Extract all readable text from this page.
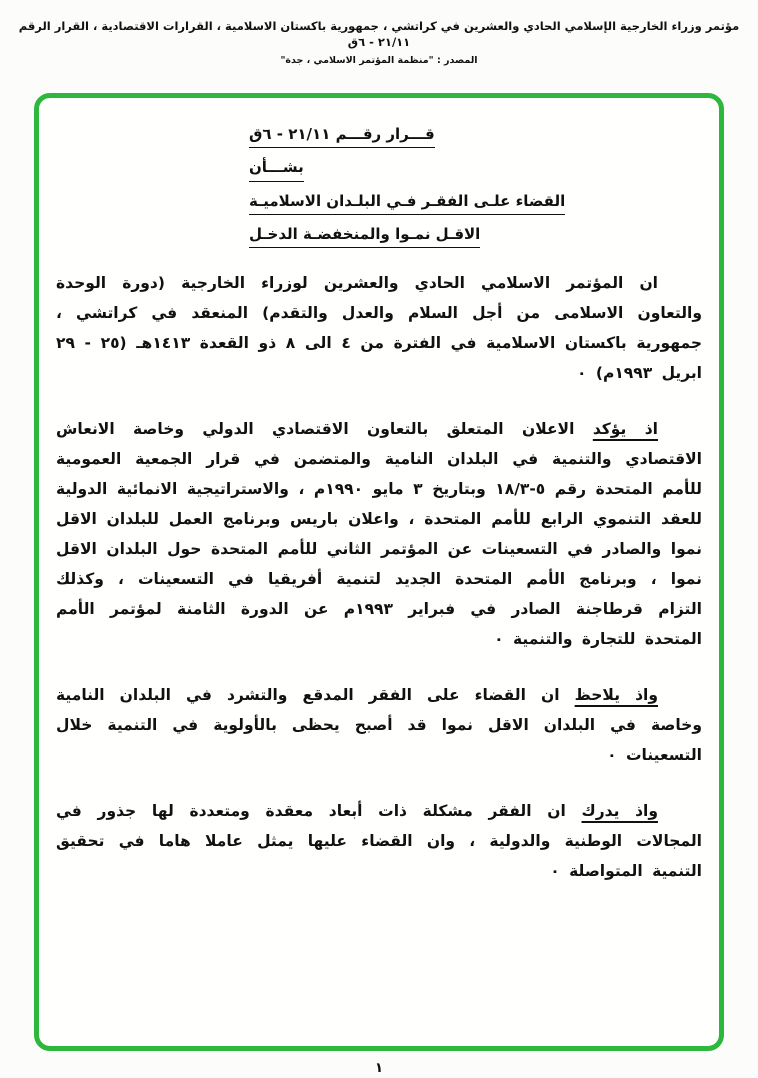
مؤتمر وزراء الخارجية الإسلامي الحادي والعشرين في كراتشي ، جمهورية باكستان الاسلامية ، القرارات الاقتصادية ، القرار الرقم ٢١/١١ - ٦ق
المصدر : "منظمة المؤتمر الاسلامي ، جدة"
قـــرار رقـــم ٢١/١١ - ٦ق
بشـــأن
القضاء علـى الفقـر فـي البلـدان الاسلاميـة
الاقـل نمـوا والمنخفضـة الدخـل

ان المؤتمر الاسلامي الحادي والعشرين لوزراء الخارجية (دورة الوحدة والتعاون الاسلامى من أجل السلام والعدل والتقدم) المنعقد في كراتشي ، جمهورية باكستان الاسلامية في الفترة من ٤ الى ٨ ذو القعدة ١٤١٣هـ (٢٥ - ٢٩ ابريل ١٩٩٣م) ٠

اذ يؤكد الاعلان المتعلق بالتعاون الاقتصادي الدولي وخاصة الانعاش الاقتصادي والتنمية في البلدان النامية والمتضمن في قرار الجمعية العمومية للأمم المتحدة رقم ٥-١٨/٣ وبتاريخ ٣ مايو ١٩٩٠م ، والاستراتيجية الانمائية الدولية للعقد التنموي الرابع للأمم المتحدة ، واعلان باريس وبرنامج العمل للبلدان الاقل نموا والصادر في التسعينات عن المؤتمر الثاني للأمم المتحدة حول البلدان الاقل نموا ، وبرنامج الأمم المتحدة الجديد لتنمية أفريقيا في التسعينات ، وكذلك التزام قرطاجنة الصادر في فبراير ١٩٩٣م عن الدورة الثامنة لمؤتمر الأمم المتحدة للتجارة والتنمية ٠

واذ يلاحظ ان القضاء على الفقر المدقع والتشرد في البلدان النامية وخاصة في البلدان الاقل نموا قد أصبح يحظى بالأولوية في التنمية خلال التسعينات ٠

واذ يدرك ان الفقر مشكلة ذات أبعاد معقدة ومتعددة لها جذور في المجالات الوطنية والدولية ، وان القضاء عليها يمثل عاملا هاما في تحقيق التنمية المتواصلة ٠

١
